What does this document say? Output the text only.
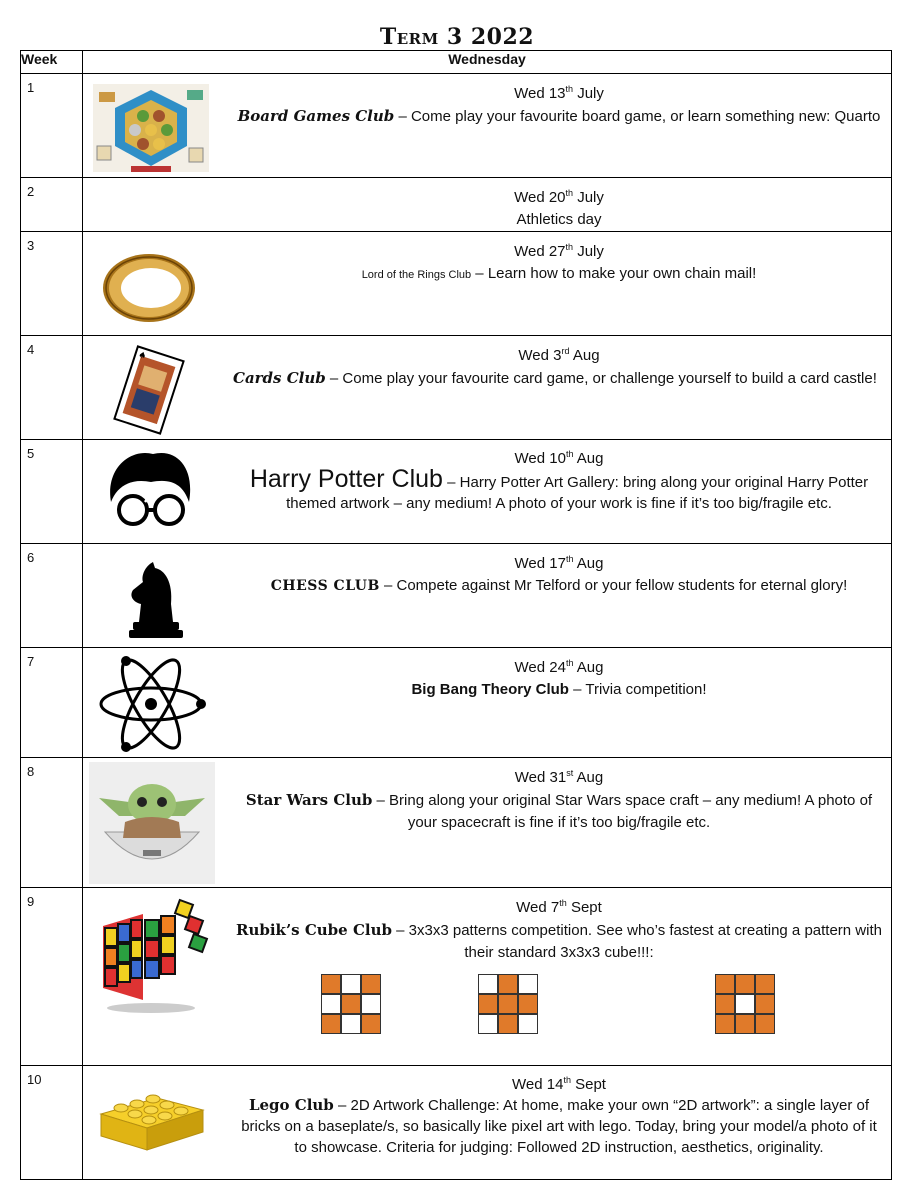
Term 3 2022
Week	Wednesday
1	Wed 13th July
Board Games Club – Come play your favourite board game, or learn something new: Quarto

2	Wed 20th July
Athletics day

3	Wed 27th July
Lord of the Rings Club – Learn how to make your own chain mail!

4	♠ Wed 3rd Aug
Cards Club – Come play your favourite card game, or challenge yourself to build a card castle!

5	Wed 10th Aug
Harry Potter Club – Harry Potter Art Gallery: bring along your original Harry Potter themed artwork – any medium! A photo of your work is fine if it’s too big/fragile etc.

6	Wed 17th Aug
CHESS CLUB – Compete against Mr Telford or your fellow students for eternal glory!

7	Wed 24th Aug
Big Bang Theory Club – Trivia competition!

8	Wed 31st Aug
Star Wars Club – Bring along your original Star Wars space craft – any medium! A photo of your spacecraft is fine if it’s too big/fragile etc.

9	Wed 7th Sept
Rubik’s Cube Club – 3x3x3 patterns competition. See who’s fastest at creating a pattern with their standard 3x3x3 cube!!!:

10	Wed 14th Sept
Lego Club – 2D Artwork Challenge: At home, make your own “2D artwork”: a single layer of bricks on a baseplate/s, so basically like pixel art with lego. Today, bring your model/a photo of it to showcase. Criteria for judging: Followed 2D instruction, aesthetics, originality.
